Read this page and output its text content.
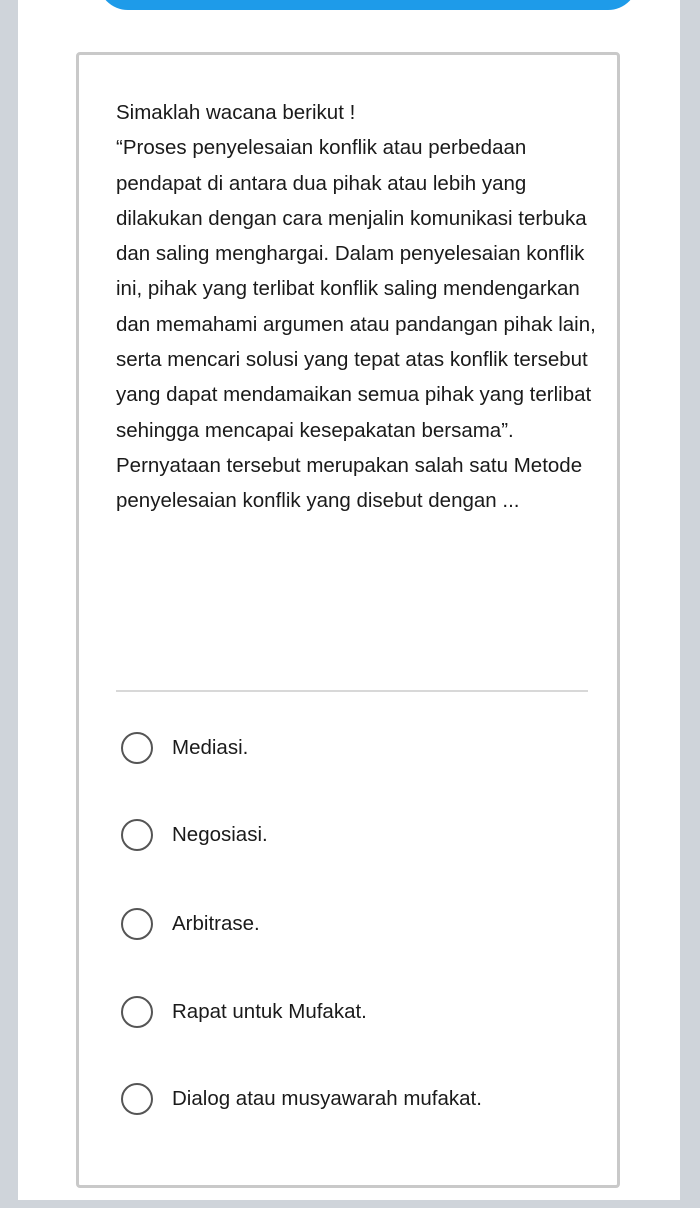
Simaklah wacana berikut !

“Proses penyelesaian konflik atau perbedaan pendapat di antara dua pihak atau lebih yang dilakukan dengan cara menjalin komunikasi terbuka dan saling menghargai. Dalam penyelesaian konflik ini, pihak yang terlibat konflik saling mendengarkan dan memahami argumen atau pandangan pihak lain, serta mencari solusi yang tepat atas konflik tersebut yang dapat mendamaikan semua pihak yang terlibat sehingga mencapai kesepakatan bersama”.

Pernyataan tersebut merupakan salah satu Metode penyelesaian konflik yang disebut dengan ...

Mediasi.
Negosiasi.
Arbitrase.
Rapat untuk Mufakat.
Dialog atau musyawarah mufakat.
